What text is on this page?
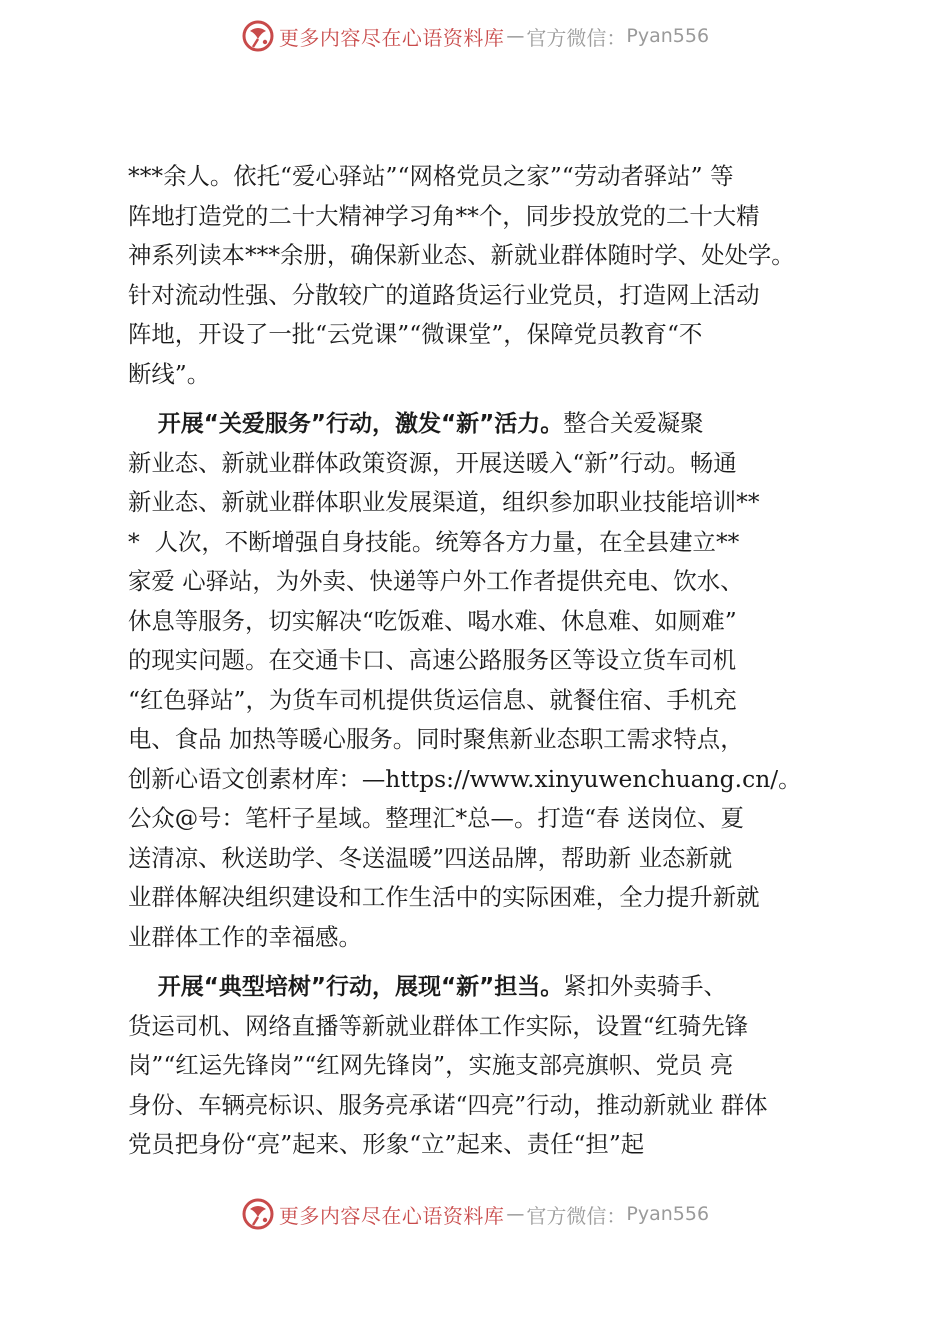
更多内容尽在心语资料库 — 官方微信： Pyan556
***余人。依托“爱心驿站”“网格党员之家”“劳动者驿站” 等
阵地打造党的二十大精神学习角**个，同步投放党的二十大精
神系列读本***余册，确保新业态、新就业群体随时学、处处学。
针对流动性强、分散较广的道路货运行业党员，打造网上活动
阵地，开设了一批“云党课”“微课堂”，保障党员教育“不
断线”。
开展“关爱服务”行动，激发“新”活力。整合关爱凝聚
新业态、新就业群体政策资源，开展送暖入“新”行动。畅通
新业态、新就业群体职业发展渠道，组织参加职业技能培训**
*  人次，不断增强自身技能。统筹各方力量，在全县建立**
家爱 心驿站，为外卖、快递等户外工作者提供充电、饮水、
休息等服务，切实解决“吃饭难、喝水难、休息难、如厕难”
的现实问题。在交通卡口、高速公路服务区等设立货车司机
“红色驿站”，为货车司机提供货运信息、就餐住宿、手机充
电、食品 加热等暖心服务。同时聚焦新业态职工需求特点，
创新心语文创素材库：—https://www.xinyuwenchuang.cn/。
公众@号：笔杆子星域。整理汇*总—。打造“春 送岗位、夏
送清凉、秋送助学、冬送温暖”四送品牌，帮助新 业态新就
业群体解决组织建设和工作生活中的实际困难，全力提升新就
业群体工作的幸福感。
开展“典型培树”行动，展现“新”担当。紧扣外卖骑手、
货运司机、网络直播等新就业群体工作实际，设置“红骑先锋
岗”“红运先锋岗”“红网先锋岗”，实施支部亮旗帜、党员 亮
身份、车辆亮标识、服务亮承诺“四亮”行动，推动新就业 群体
党员把身份“亮”起来、形象“立”起来、责任“担”起
更多内容尽在心语资料库 — 官方微信： Pyan556
